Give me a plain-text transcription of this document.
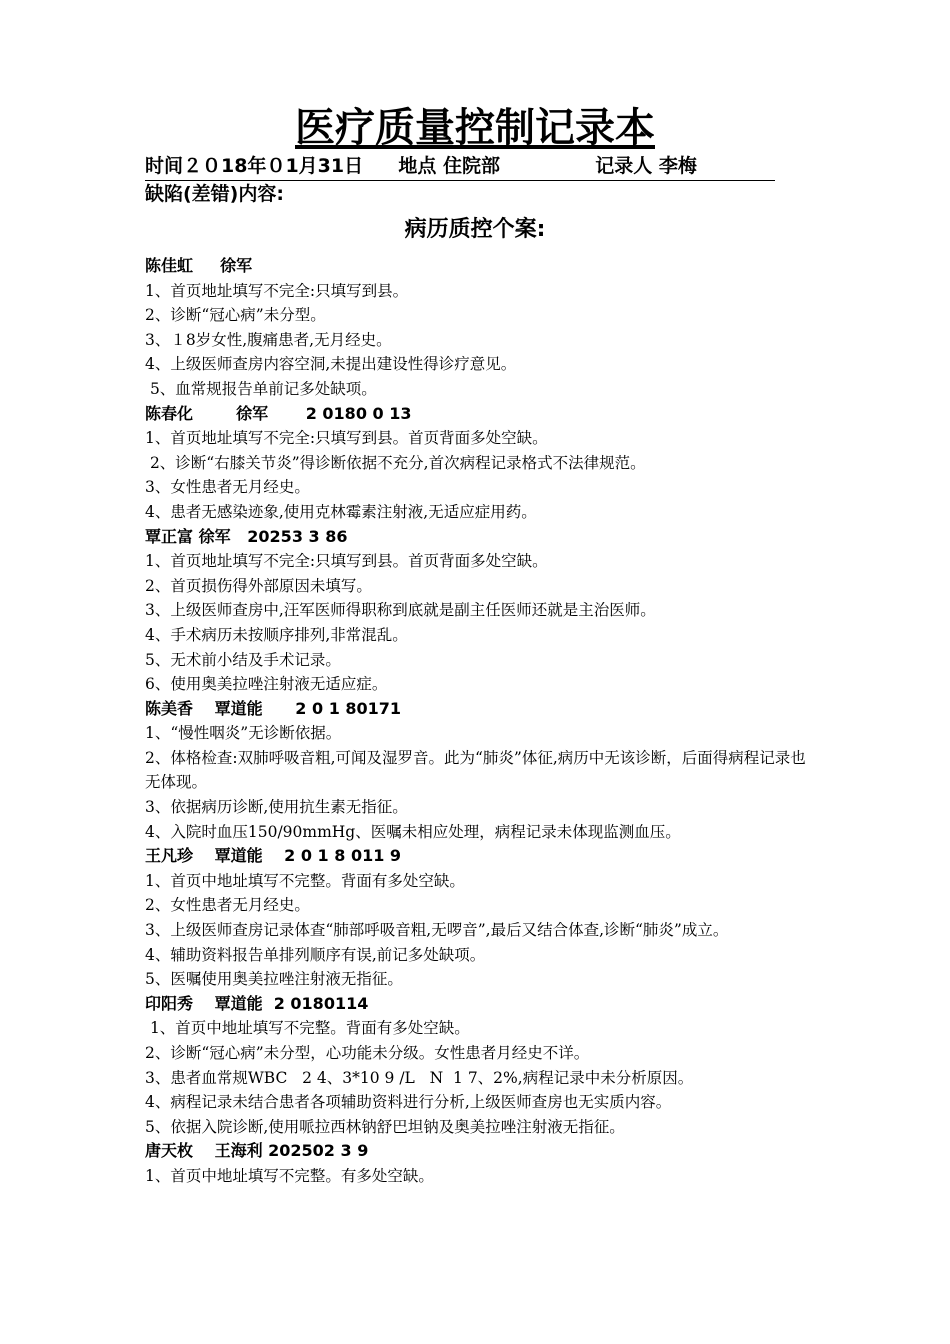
医疗质量控制记录本
时间２０18年０1月31日 地点 住院部	记录人 李梅
缺陷(差错)内容:
病历质控个案:
陈佳虹　  徐军
1、首页地址填写不完全:只填写到县。
2、诊断“冠心病”未分型。
3、１8岁女性,腹痛患者,无月经史。
4、上级医师查房内容空洞,未提出建设性得诊疗意见。
5、血常规报告单前记多处缺项。
陈春化　  　徐军　　 2 0180 0 13
1、首页地址填写不完全:只填写到县。首页背面多处空缺。
2、诊断“右膝关节炎”得诊断依据不充分,首次病程记录格式不法律规范。
3、女性患者无月经史。
4、患者无感染迹象,使用克林霉素注射液,无适应症用药。
覃正富 徐军   20253 3 86
1、首页地址填写不完全:只填写到县。首页背面多处空缺。
2、首页损伤得外部原因未填写。
3、上级医师查房中,汪军医师得职称到底就是副主任医师还就是主治医师。
4、手术病历未按顺序排列,非常混乱。
5、无术前小结及手术记录。
6、使用奥美拉唑注射液无适应症。
陈美香　 覃道能　   2 0 1 80171
1、“慢性咽炎”无诊断依据。
2、体格检查:双肺呼吸音粗,可闻及湿罗音。此为“肺炎”体征,病历中无该诊断，后面得病程记录也无体现。
3、依据病历诊断,使用抗生素无指征。
4、入院时血压150/90mmHg、医嘱未相应处理，病程记录未体现监测血压。
王凡珍　 覃道能　 2 0 1 8 011 9
1、首页中地址填写不完整。背面有多处空缺。
2、女性患者无月经史。
3、上级医师查房记录体查“肺部呼吸音粗,无啰音”,最后又结合体查,诊断“肺炎”成立。
4、辅助资料报告单排列顺序有误,前记多处缺项。
5、医嘱使用奥美拉唑注射液无指征。
印阳秀　 覃道能  2 0180114
1、首页中地址填写不完整。背面有多处空缺。
2、诊断“冠心病”未分型，心功能未分级。女性患者月经史不详。
3、患者血常规WBC   2 4、3*10 9 /L   N  1 7、2%,病程记录中未分析原因。
4、病程记录未结合患者各项辅助资料进行分析,上级医师查房也无实质内容。
5、依据入院诊断,使用哌拉西林钠舒巴坦钠及奥美拉唑注射液无指征。
唐天枚　 王海利 202502 3 9
1、首页中地址填写不完整。有多处空缺。
